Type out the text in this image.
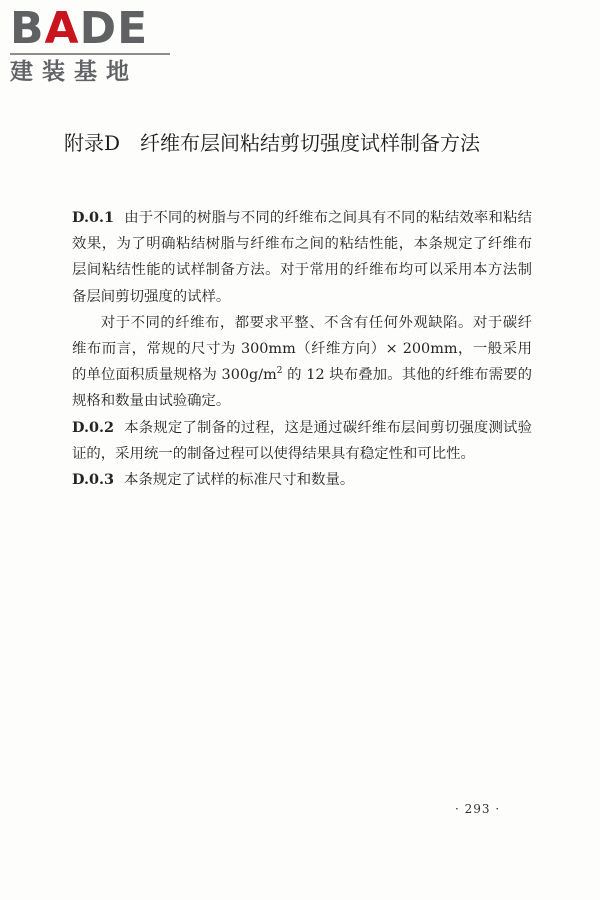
BADE
建装基地
附录D　纤维布层间粘结剪切强度试样制备方法

D.0.1 由于不同的树脂与不同的纤维布之间具有不同的粘结效率和粘结效果，为了明确粘结树脂与纤维布之间的粘结性能，本条规定了纤维布层间粘结性能的试样制备方法。对于常用的纤维布均可以采用本方法制备层间剪切强度的试样。

对于不同的纤维布，都要求平整、不含有任何外观缺陷。对于碳纤维布而言，常规的尺寸为 300mm（纤维方向）× 200mm，一般采用的单位面积质量规格为 $300g/m^2$ 的 12 块布叠加。其他的纤维布需要的规格和数量由试验确定。

D.0.2 本条规定了制备的过程，这是通过碳纤维布层间剪切强度测试验证的，采用统一的制备过程可以使得结果具有稳定性和可比性。

D.0.3 本条规定了试样的标准尺寸和数量。

· 293 ·
